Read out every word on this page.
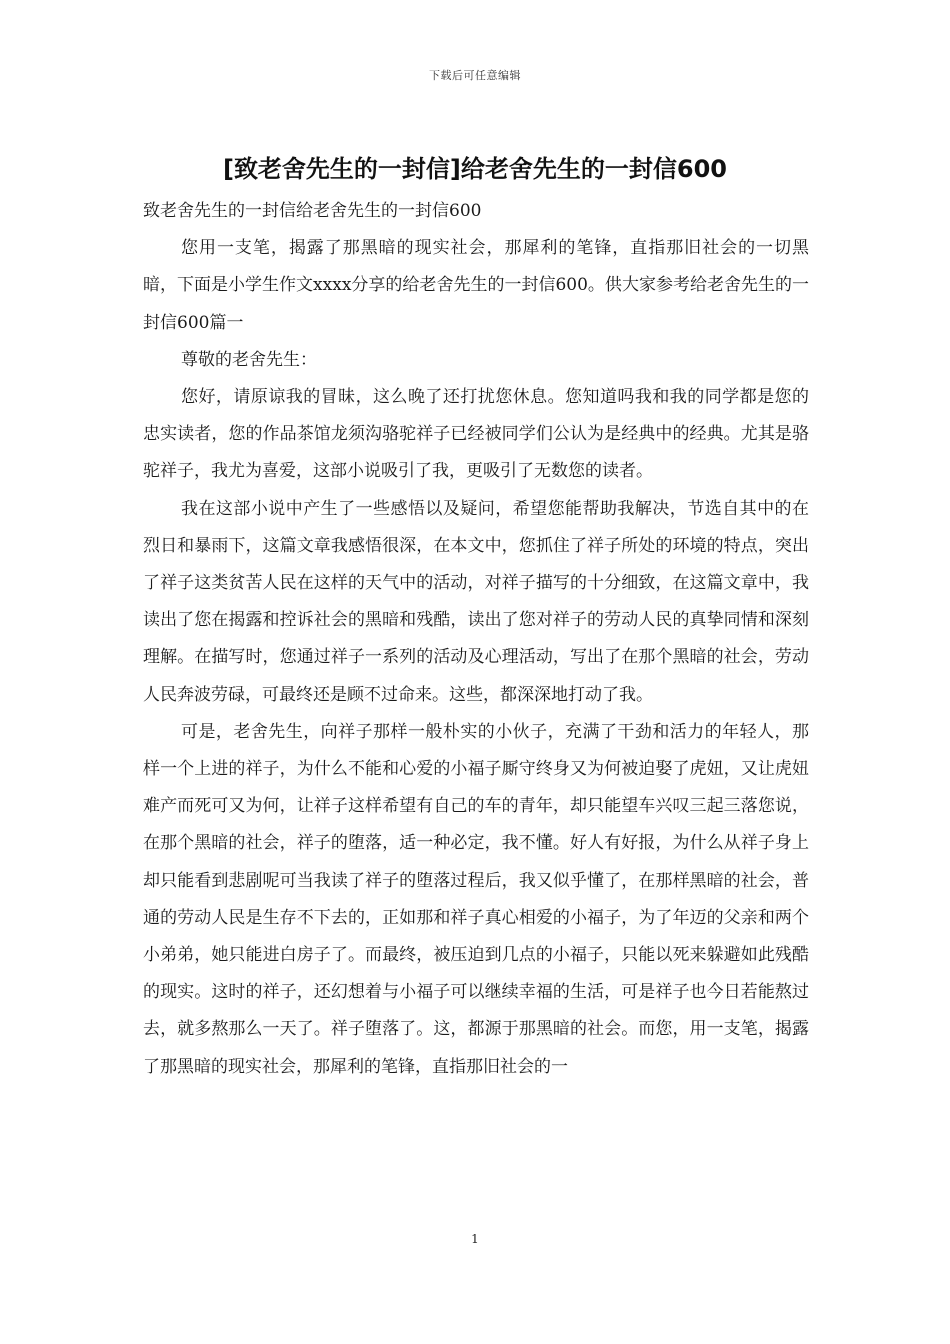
下载后可任意编辑
[致老舍先生的一封信]给老舍先生的一封信600

致老舍先生的一封信给老舍先生的一封信600

您用一支笔，揭露了那黑暗的现实社会，那犀利的笔锋，直指那旧社会的一切黑暗，下面是小学生作文xxxx分享的给老舍先生的一封信600。供大家参考给老舍先生的一封信600篇一

尊敬的老舍先生：

您好，请原谅我的冒昧，这么晚了还打扰您休息。您知道吗我和我的同学都是您的忠实读者，您的作品茶馆龙须沟骆驼祥子已经被同学们公认为是经典中的经典。尤其是骆驼祥子，我尤为喜爱，这部小说吸引了我，更吸引了无数您的读者。

我在这部小说中产生了一些感悟以及疑问，希望您能帮助我解决，节选自其中的在烈日和暴雨下，这篇文章我感悟很深，在本文中，您抓住了祥子所处的环境的特点，突出了祥子这类贫苦人民在这样的天气中的活动，对祥子描写的十分细致，在这篇文章中，我读出了您在揭露和控诉社会的黑暗和残酷，读出了您对祥子的劳动人民的真挚同情和深刻理解。在描写时，您通过祥子一系列的活动及心理活动，写出了在那个黑暗的社会，劳动人民奔波劳碌，可最终还是顾不过命来。这些，都深深地打动了我。

可是，老舍先生，向祥子那样一般朴实的小伙子，充满了干劲和活力的年轻人，那样一个上进的祥子，为什么不能和心爱的小福子厮守终身又为何被迫娶了虎妞，又让虎妞难产而死可又为何，让祥子这样希望有自己的车的青年，却只能望车兴叹三起三落您说，在那个黑暗的社会，祥子的堕落，适一种必定，我不懂。好人有好报，为什么从祥子身上却只能看到悲剧呢可当我读了祥子的堕落过程后，我又似乎懂了，在那样黑暗的社会，普通的劳动人民是生存不下去的，正如那和祥子真心相爱的小福子，为了年迈的父亲和两个小弟弟，她只能进白房子了。而最终，被压迫到几点的小福子，只能以死来躲避如此残酷的现实。这时的祥子，还幻想着与小福子可以继续幸福的生活，可是祥子也今日若能熬过去，就多熬那么一天了。祥子堕落了。这，都源于那黑暗的社会。而您，用一支笔，揭露了那黑暗的现实社会，那犀利的笔锋，直指那旧社会的一

1
